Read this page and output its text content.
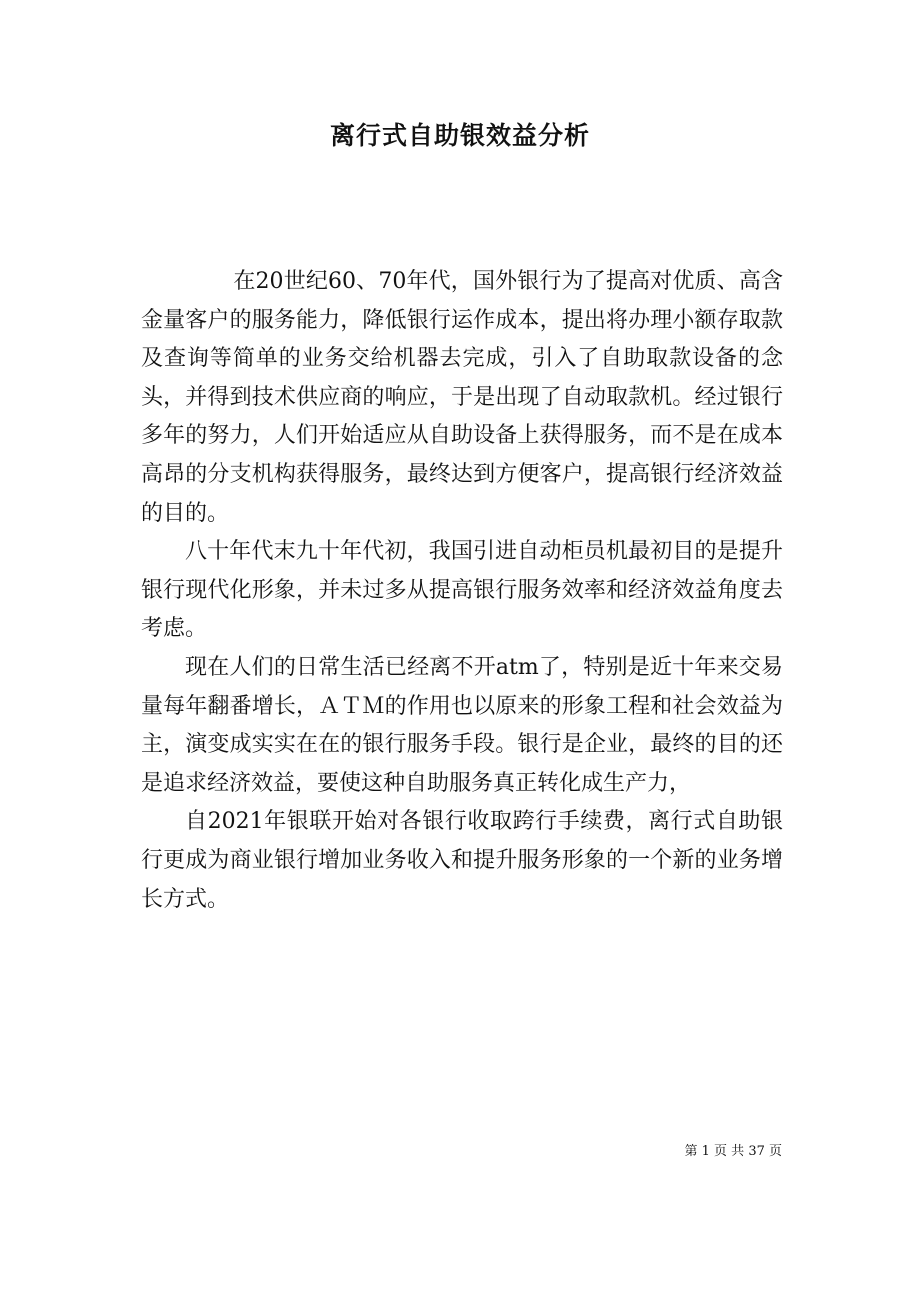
离行式自助银效益分析

在20世纪60、70年代，国外银行为了提高对优质、高含金量客户的服务能力，降低银行运作成本，提出将办理小额存取款及查询等简单的业务交给机器去完成，引入了自助取款设备的念头，并得到技术供应商的响应，于是出现了自动取款机。经过银行多年的努力，人们开始适应从自助设备上获得服务，而不是在成本高昂的分支机构获得服务，最终达到方便客户，提高银行经济效益的目的。

八十年代末九十年代初，我国引进自动柜员机最初目的是提升银行现代化形象，并未过多从提高银行服务效率和经济效益角度去考虑。

现在人们的日常生活已经离不开atm了，特别是近十年来交易量每年翻番增长，ＡＴＭ的作用也以原来的形象工程和社会效益为主，演变成实实在在的银行服务手段。银行是企业，最终的目的还是追求经济效益，要使这种自助服务真正转化成生产力，

自2021年银联开始对各银行收取跨行手续费，离行式自助银行更成为商业银行增加业务收入和提升服务形象的一个新的业务增长方式。

第 1 页 共 37 页
